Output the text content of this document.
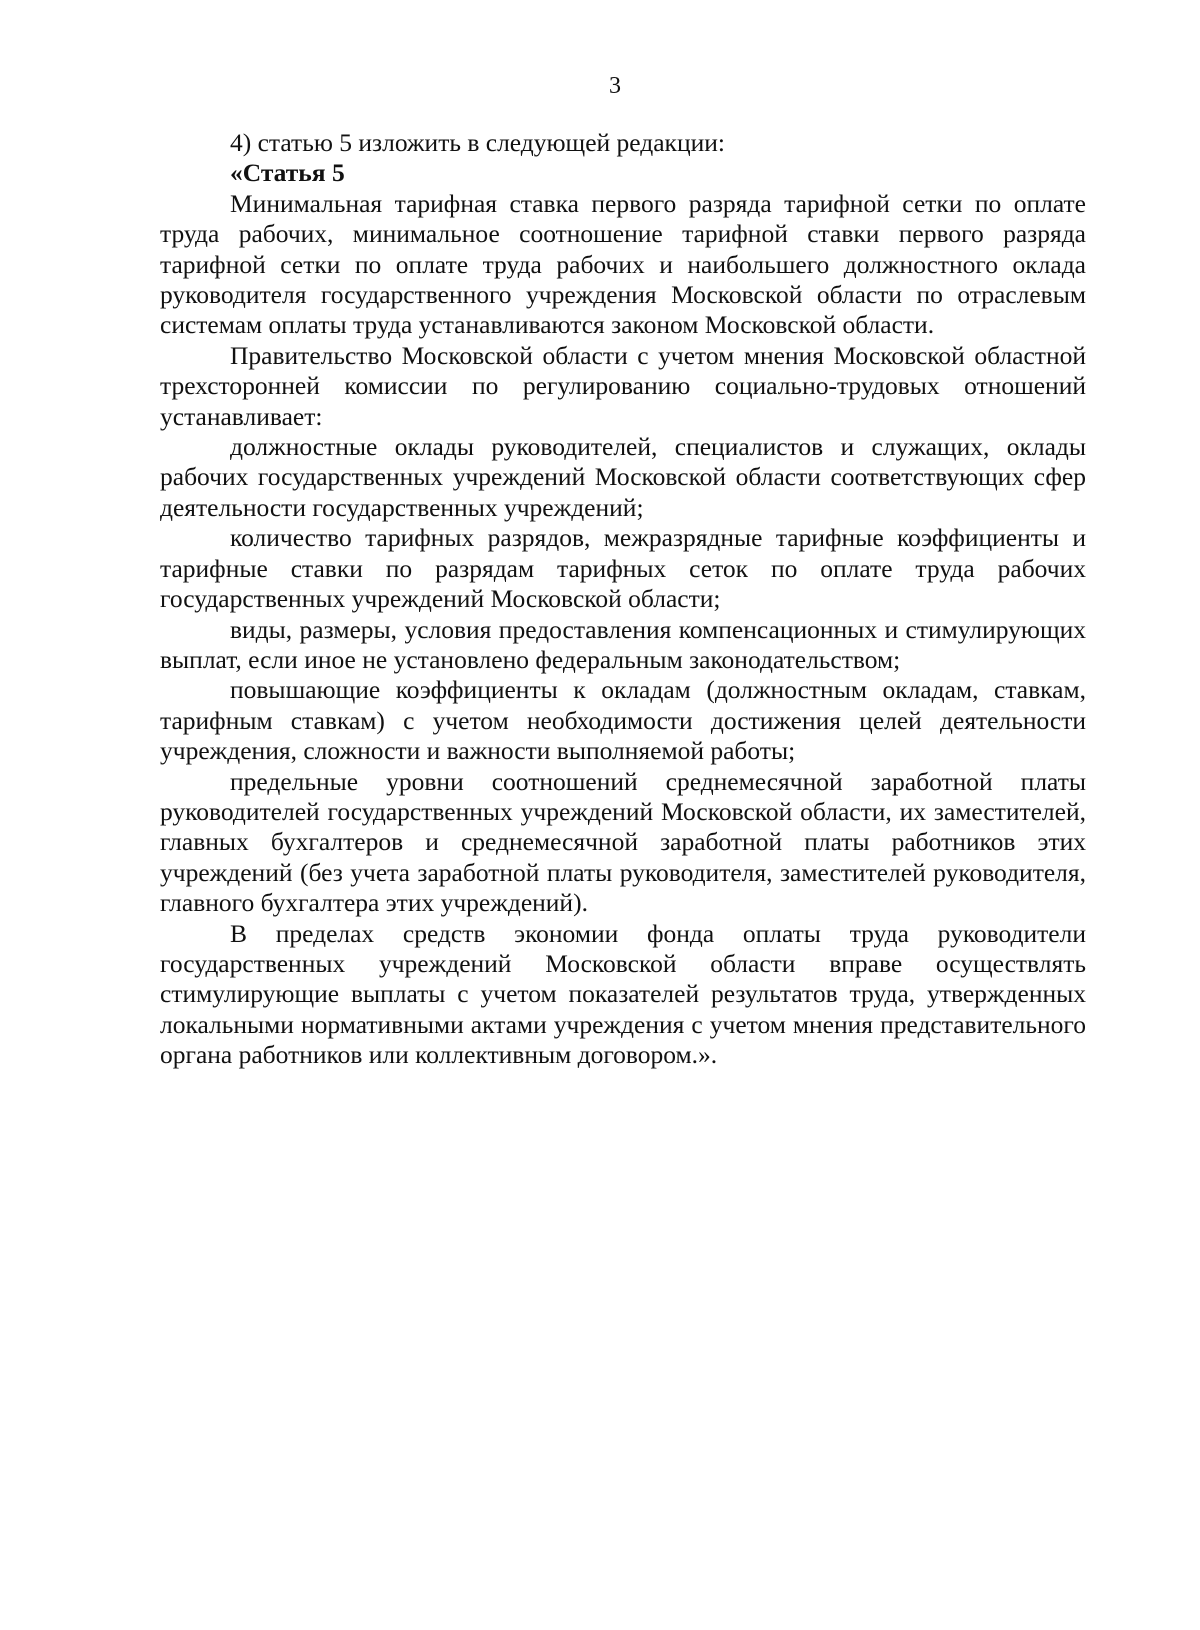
3

4) статью 5 изложить в следующей редакции:

«Статья 5

Минимальная тарифная ставка первого разряда тарифной сетки по оплате труда рабочих, минимальное соотношение тарифной ставки первого разряда тарифной сетки по оплате труда рабочих и наибольшего должностного оклада руководителя государственного учреждения Московской области по отраслевым системам оплаты труда устанавливаются законом Московской области.

Правительство Московской области с учетом мнения Московской областной трехсторонней комиссии по регулированию социально-трудовых отношений устанавливает:

должностные оклады руководителей, специалистов и служащих, оклады рабочих государственных учреждений Московской области соответствующих сфер деятельности государственных учреждений;

количество тарифных разрядов, межразрядные тарифные коэффициенты и тарифные ставки по разрядам тарифных сеток по оплате труда рабочих государственных учреждений Московской области;

виды, размеры, условия предоставления компенсационных и стимулирующих выплат, если иное не установлено федеральным законодательством;

повышающие коэффициенты к окладам (должностным окладам, ставкам, тарифным ставкам) с учетом необходимости достижения целей деятельности учреждения, сложности и важности выполняемой работы;

предельные уровни соотношений среднемесячной заработной платы руководителей государственных учреждений Московской области, их заместителей, главных бухгалтеров и среднемесячной заработной платы работников этих учреждений (без учета заработной платы руководителя, заместителей руководителя, главного бухгалтера этих учреждений).

В пределах средств экономии фонда оплаты труда руководители государственных учреждений Московской области вправе осуществлять стимулирующие выплаты с учетом показателей результатов труда, утвержденных локальными нормативными актами учреждения с учетом мнения представительного органа работников или коллективным договором.».
